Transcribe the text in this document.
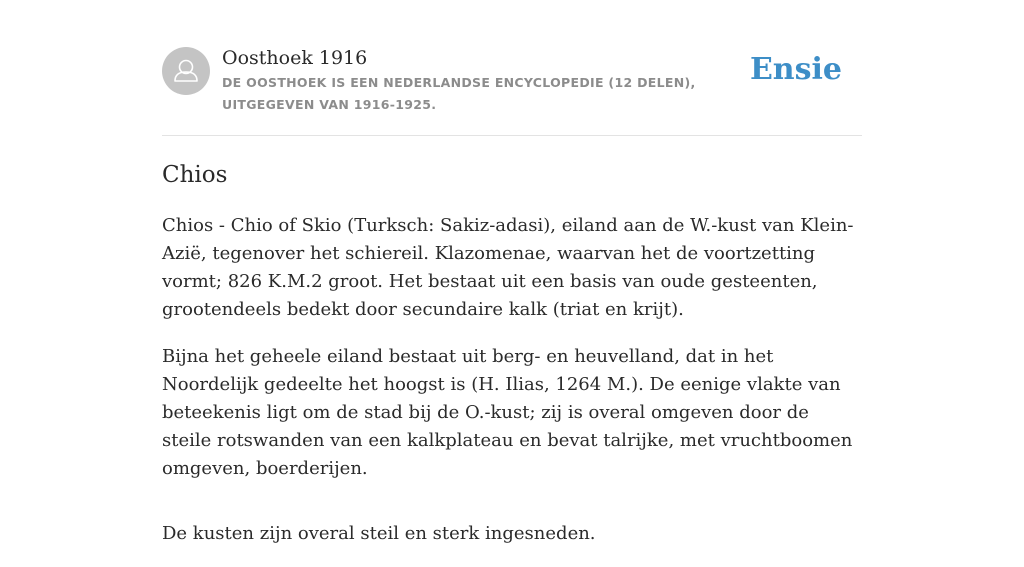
Oosthoek 1916
DE OOSTHOEK IS EEN NEDERLANDSE ENCYCLOPEDIE (12 DELEN), UITGEGEVEN VAN 1916-1925.
Ensie
Chios

Chios - Chio of Skio (Turksch: Sakiz-adasi), eiland aan de W.-kust van Klein-Azië, tegenover het schiereil. Klazomenae, waarvan het de voortzetting vormt; 826 K.M.2 groot. Het bestaat uit een basis van oude gesteenten, grootendeels bedekt door secundaire kalk (triat en krijt).

Bijna het geheele eiland bestaat uit berg- en heuvelland, dat in het Noordelijk gedeelte het hoogst is (H. Ilias, 1264 M.). De eenige vlakte van beteekenis ligt om de stad bij de O.-kust; zij is overal omgeven door de steile rotswanden van een kalkplateau en bevat talrijke, met vruchtboomen omgeven, boerderijen.

De kusten zijn overal steil en sterk ingesneden.
